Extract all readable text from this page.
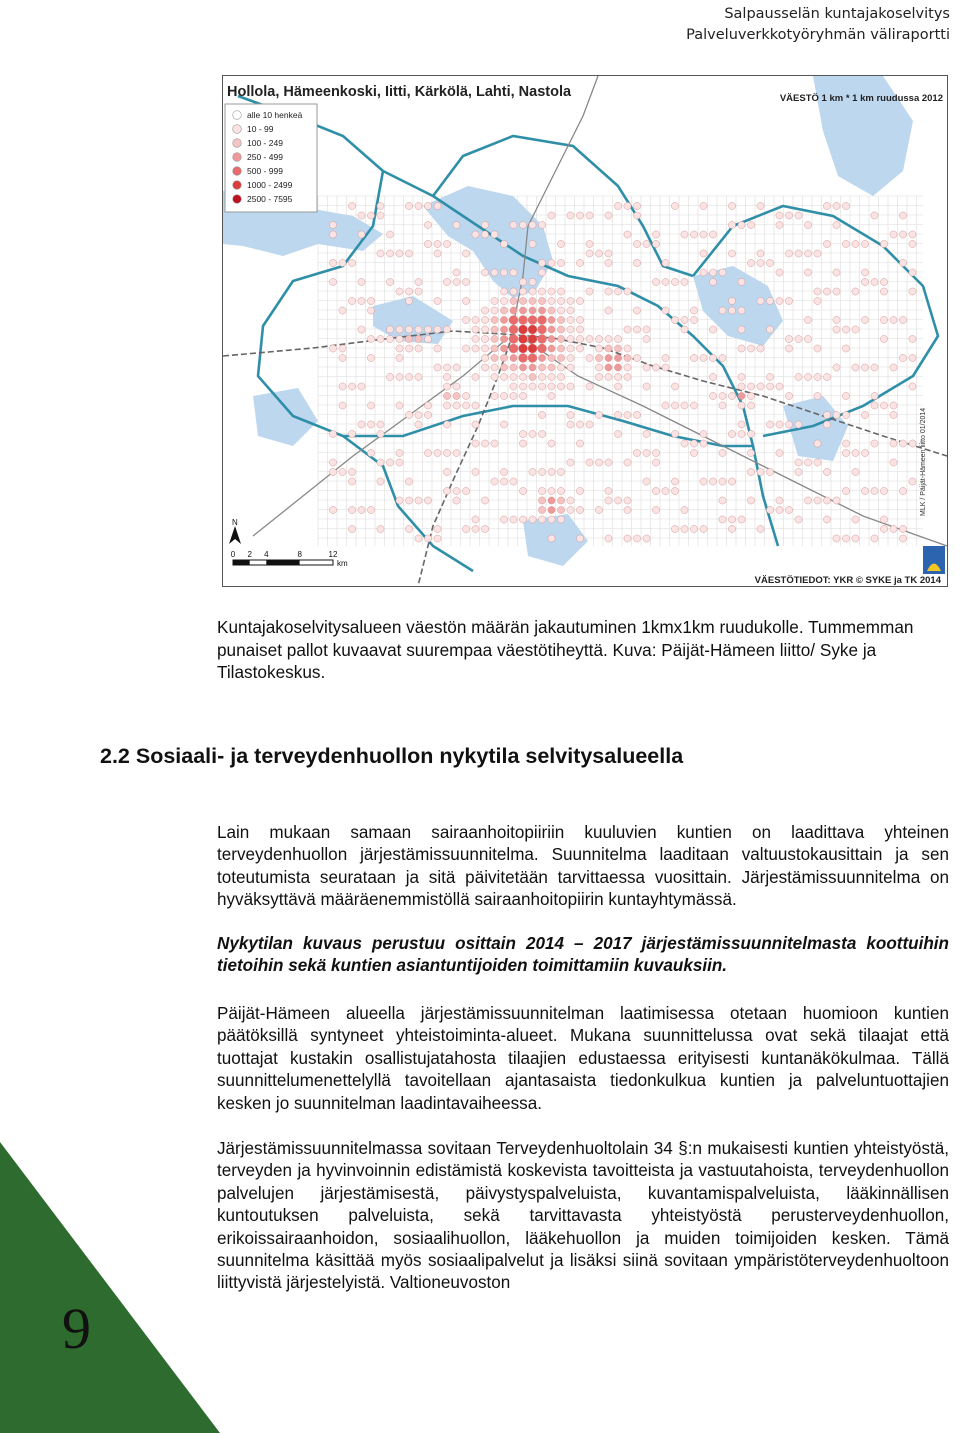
Salpausselän kuntajakoselvitys
Palveluverkkotyöryhmän väliraportti
alle 10 henkeä
10 - 99
100 - 249
250 - 499
500 - 999
1000 - 2499
2500 - 7595
Hollola, Hämeenkoski, Iitti, Kärkölä, Lahti, Nastola	VÄESTÖ 1 km * 1 km ruudussa 2012
N
km
0 2 4	8	12
MLK / Päijät-Hämeen liitto 01/2014
VÄESTÖTIEDOT: YKR © SYKE ja TK 2014
Kuntajakoselvitysalueen väestön määrän jakautuminen 1kmx1km ruudukolle. Tummemman punaiset pallot kuvaavat suurempaa väestötiheyttä. Kuva: Päijät-Hämeen liitto/ Syke ja Tilastokeskus.
2.2 Sosiaali- ja terveydenhuollon nykytila selvitysalueella

Lain mukaan samaan sairaanhoitopiiriin kuuluvien kuntien on laadittava yhteinen terveydenhuollon järjestämissuunnitelma. Suunnitelma laaditaan valtuustokausittain ja sen toteutumista seurataan ja sitä päivitetään tarvittaessa vuosittain. Järjestämissuunnitelma on hyväksyttävä määräenemmistöllä sairaanhoitopiirin kuntayhtymässä.

Nykytilan kuvaus perustuu osittain 2014 – 2017 järjestämissuunnitelmasta koottuihin tietoihin sekä kuntien asiantuntijoiden toimittamiin kuvauksiin.

Päijät-Hämeen alueella järjestämissuunnitelman laatimisessa otetaan huomioon kuntien päätöksillä syntyneet yhteistoiminta-alueet. Mukana suunnittelussa ovat sekä tilaajat että tuottajat kustakin osallistujatahosta tilaajien edustaessa erityisesti kuntanäkökulmaa. Tällä suunnittelumenettelyllä tavoitellaan ajantasaista tiedonkulkua kuntien ja palveluntuottajien kesken jo suunnitelman laadintavaiheessa.

Järjestämissuunnitelmassa sovitaan Terveydenhuoltolain 34 §:n mukaisesti kuntien yhteistyöstä, terveyden ja hyvinvoinnin edistämistä koskevista tavoitteista ja vastuutahoista, terveydenhuollon palvelujen järjestämisestä, päivystyspalveluista, kuvantamispalveluista, lääkinnällisen kuntoutuksen palveluista, sekä tarvittavasta yhteistyöstä perusterveydenhuollon, erikoissairaanhoidon, sosiaalihuollon, lääkehuollon ja muiden toimijoiden kesken. Tämä suunnitelma käsittää myös sosiaalipalvelut ja lisäksi siinä sovitaan ympäristöterveydenhuoltoon liittyvistä järjestelyistä. Valtioneuvoston

9
